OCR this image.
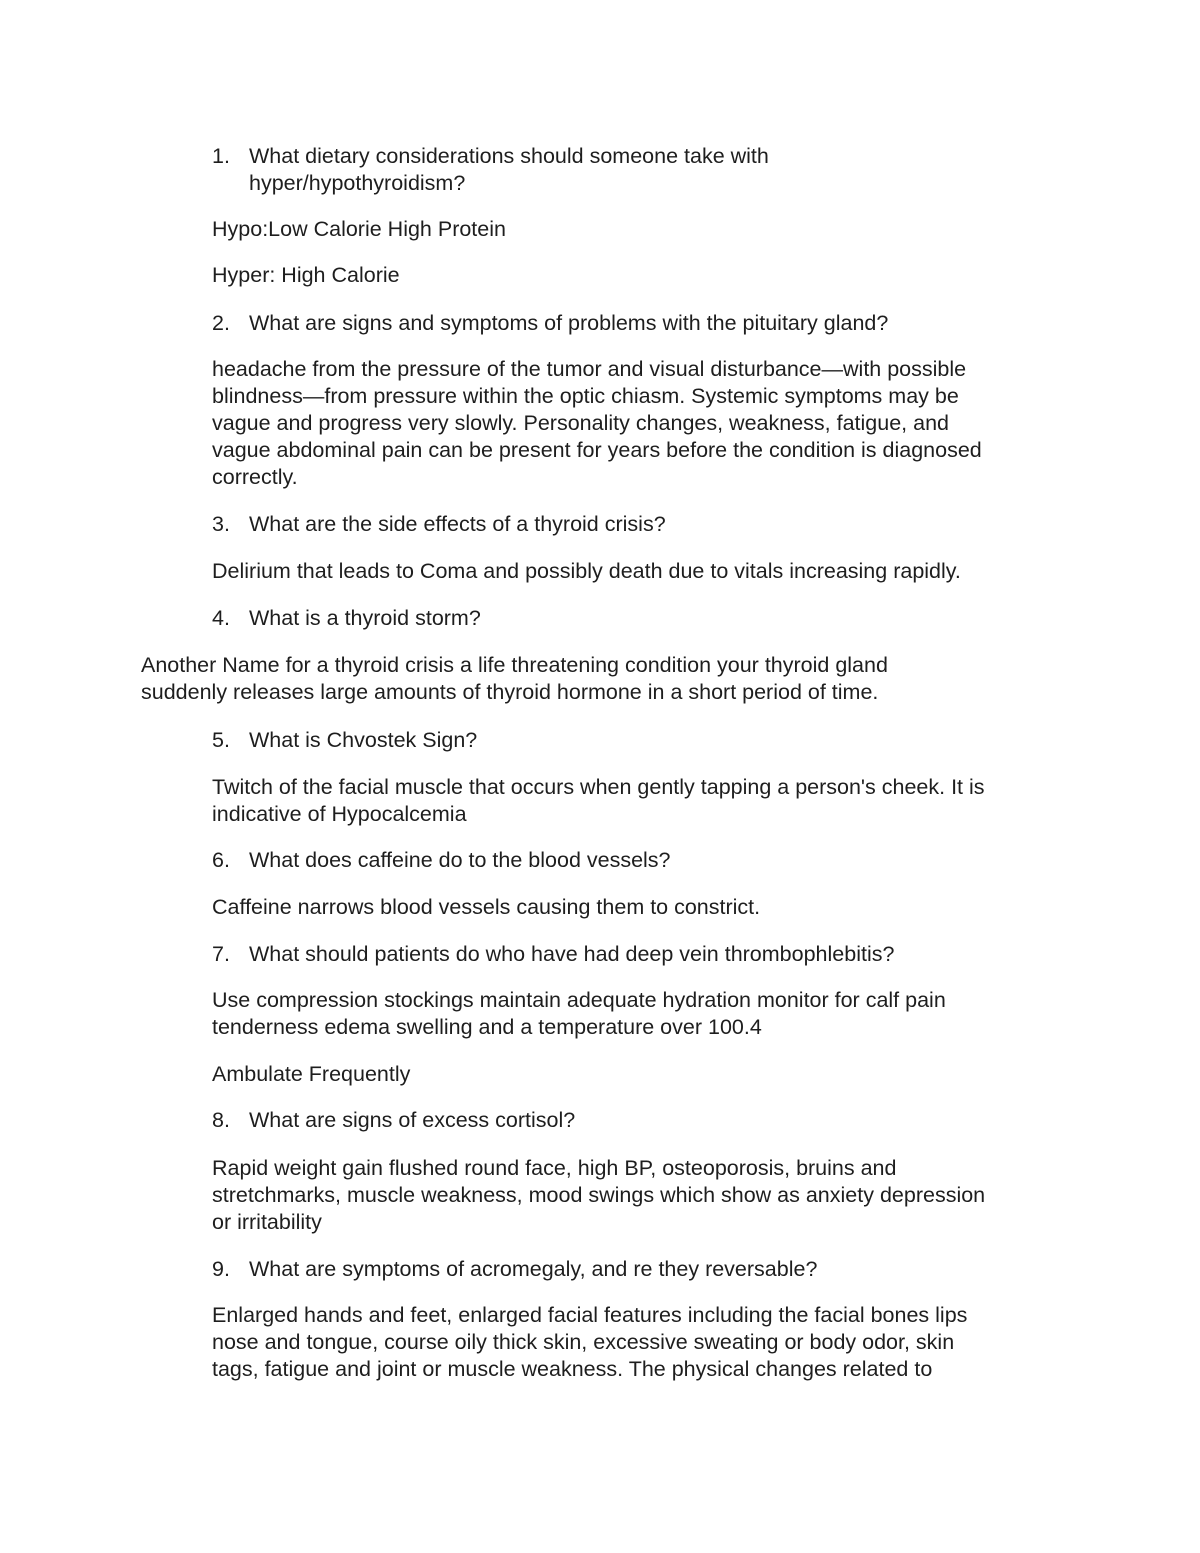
1. What dietary considerations should someone take with
hyper/hypothyroidism?

Hypo:Low Calorie High Protein

Hyper: High Calorie

2. What are signs and symptoms of problems with the pituitary gland?
headache from the pressure of the tumor and visual disturbance—with possible
blindness—from pressure within the optic chiasm. Systemic symptoms may be
vague and progress very slowly. Personality changes, weakness, fatigue, and
vague abdominal pain can be present for years before the condition is diagnosed
correctly.
3. What are the side effects of a thyroid crisis?

Delirium that leads to Coma and possibly death due to vitals increasing rapidly.

4. What is a thyroid storm?
Another Name for a thyroid crisis a life threatening condition your thyroid gland
suddenly releases large amounts of thyroid hormone in a short period of time.
5. What is Chvostek Sign?
Twitch of the facial muscle that occurs when gently tapping a person's cheek. It is
indicative of Hypocalcemia
6. What does caffeine do to the blood vessels?

Caffeine narrows blood vessels causing them to constrict.

7. What should patients do who have had deep vein thrombophlebitis?
Use compression stockings maintain adequate hydration monitor for calf pain
tenderness edema swelling and a temperature over 100.4

Ambulate Frequently

8. What are signs of excess cortisol?
Rapid weight gain flushed round face, high BP, osteoporosis, bruins and
stretchmarks, muscle weakness, mood swings which show as anxiety depression
or irritability
9. What are symptoms of acromegaly, and re they reversable?
Enlarged hands and feet, enlarged facial features including the facial bones lips
nose and tongue, course oily thick skin, excessive sweating or body odor, skin
tags, fatigue and joint or muscle weakness. The physical changes related to
